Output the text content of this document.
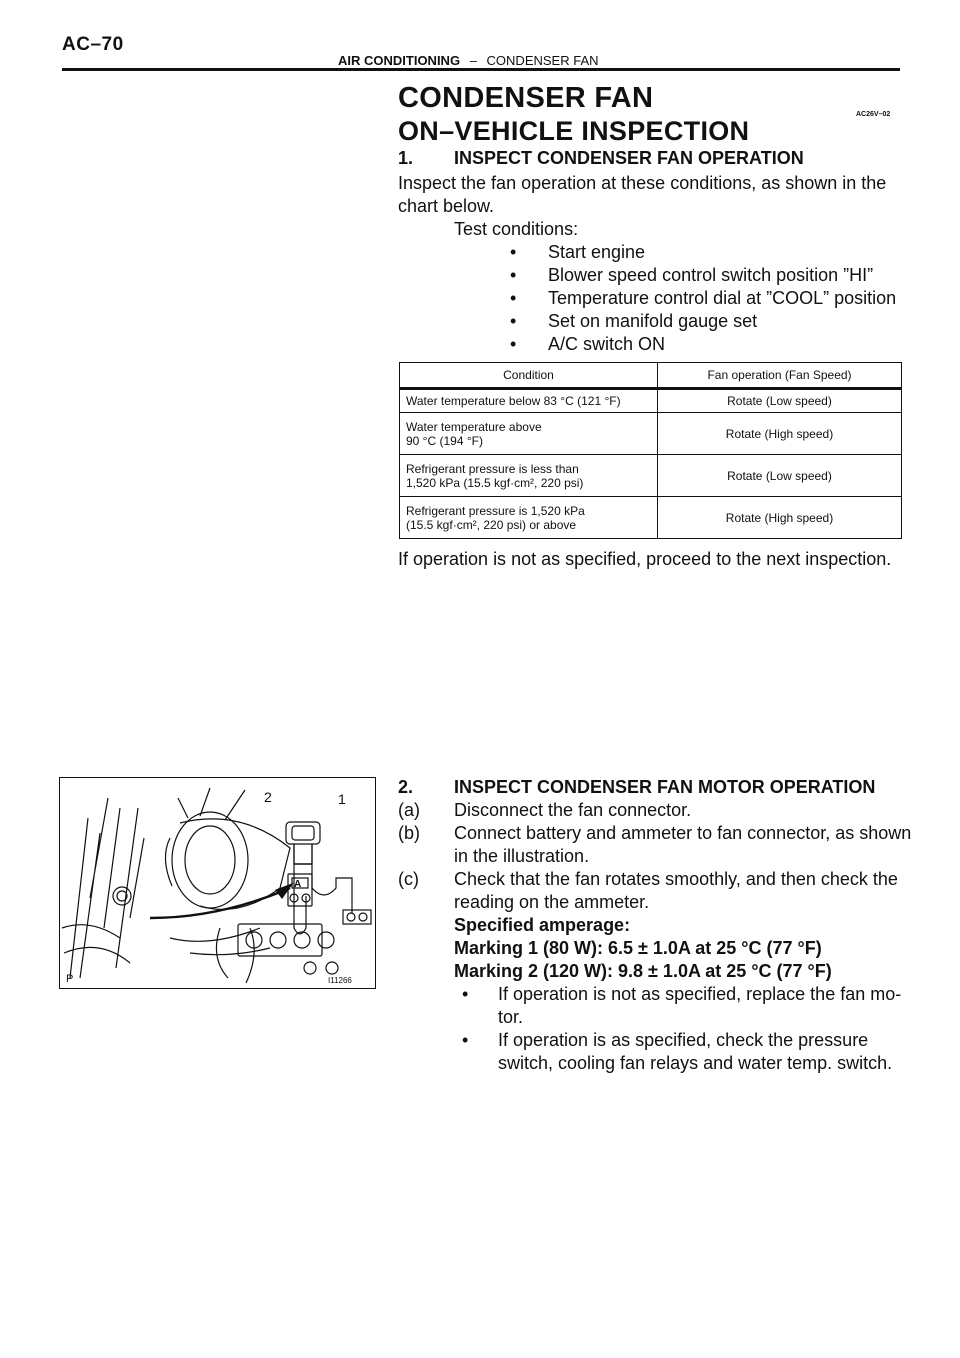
AC–70
AIR CONDITIONING – CONDENSER FAN
CONDENSER FAN
AC26V–02
ON–VEHICLE INSPECTION
1. INSPECT CONDENSER FAN OPERATION
Inspect the fan operation at these conditions, as shown in the
chart below.
Test conditions:
• Start engine
• Blower speed control switch position ”HI”
• Temperature control dial at ”COOL” position
• Set on manifold gauge set
• A/C switch ON
Condition	Fan operation (Fan Speed)
Water temperature below 83 °C (121 °F)	Rotate (Low speed)
Water temperature above
90 °C (194 °F)	Rotate (High speed)
Refrigerant pressure is less than
1,520 kPa (15.5 kgf·cm², 220 psi)	Rotate (Low speed)
Refrigerant pressure is 1,520 kPa
(15.5 kgf·cm², 220 psi) or above	Rotate (High speed)
If operation is not as specified, proceed to the next inspection.
2	1
A
P	I11266
2. INSPECT CONDENSER FAN MOTOR OPERATION
(a) Disconnect the fan connector.
(b) Connect battery and ammeter to fan connector, as shown
in the illustration.
(c) Check that the fan rotates smoothly, and then check the
reading on the ammeter.
Specified amperage:
Marking 1 (80 W): 6.5 ± 1.0A at 25 °C (77 °F)
Marking 2 (120 W): 9.8 ± 1.0A at 25 °C (77 °F)
• If operation is not as specified, replace the fan mo-
tor.
• If operation is as specified, check the pressure
switch, cooling fan relays and water temp. switch.
